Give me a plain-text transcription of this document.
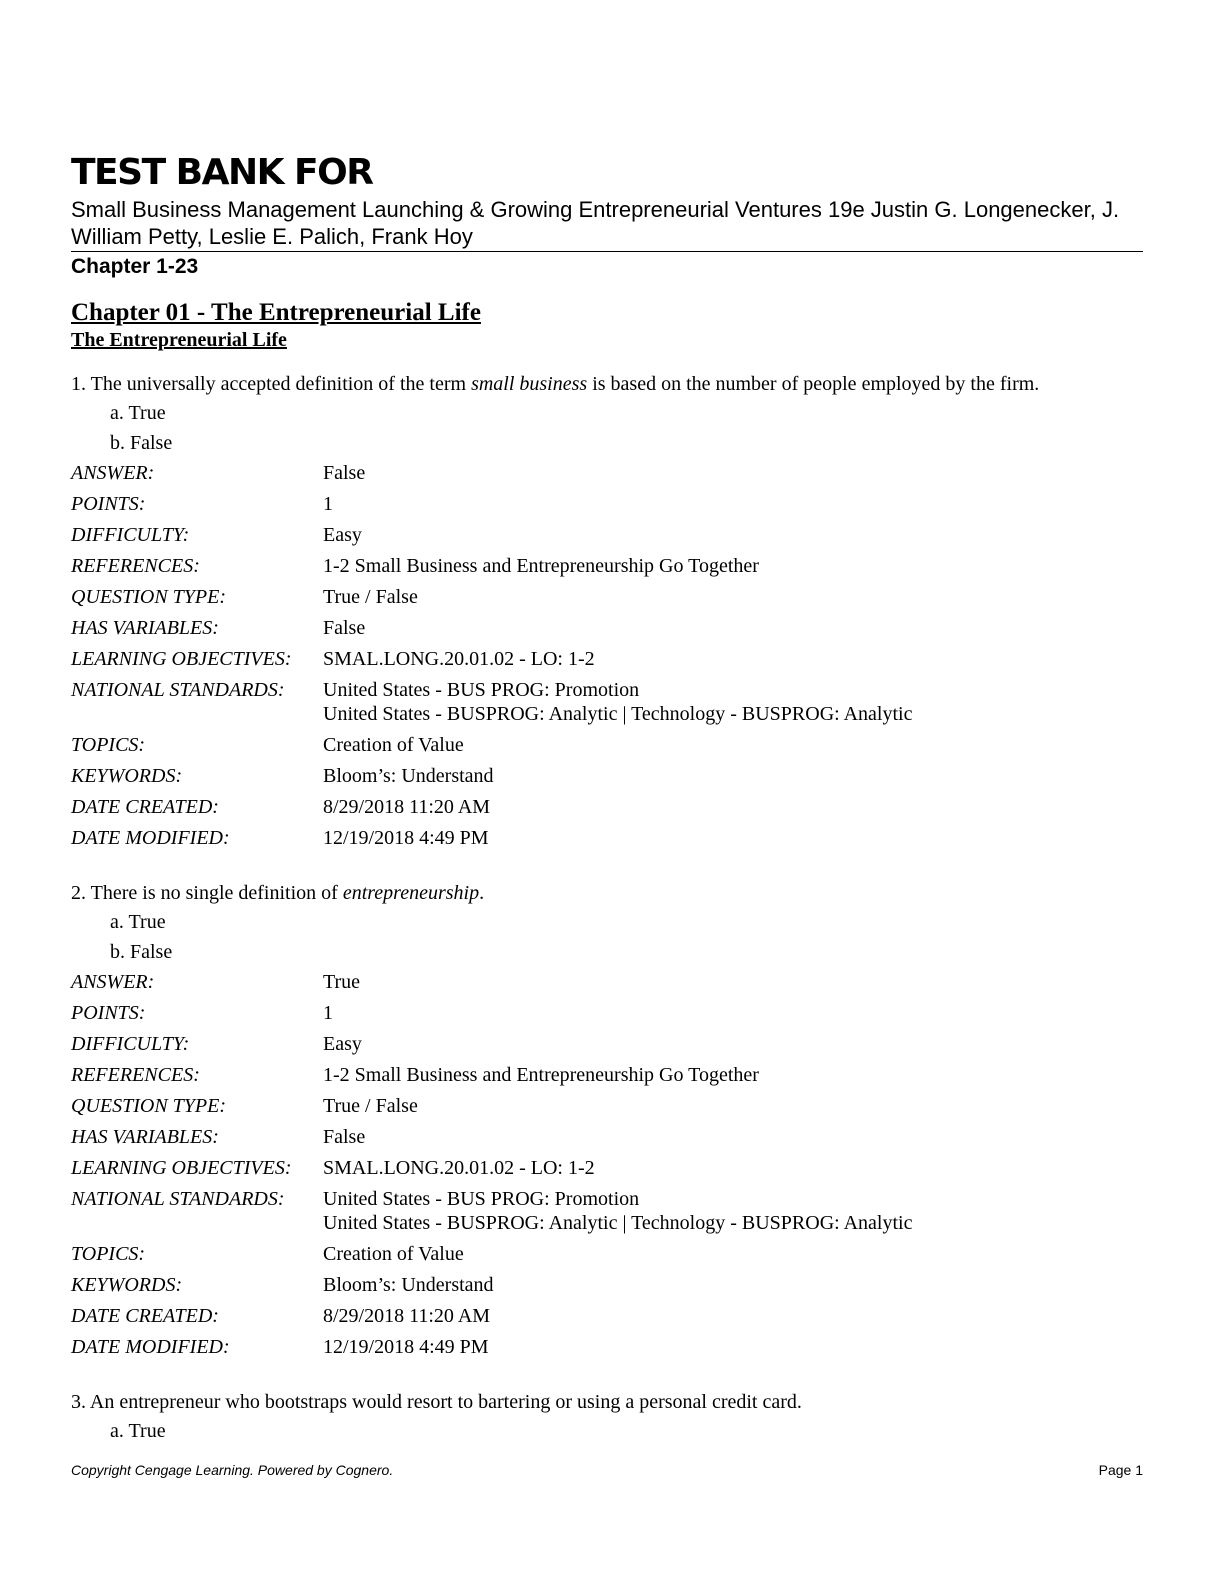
TEST BANK FOR
Small Business Management Launching & Growing Entrepreneurial Ventures 19e Justin G. Longenecker, J. William Petty, Leslie E. Palich, Frank Hoy
Chapter 1-23
Chapter 01 - The Entrepreneurial Life
The Entrepreneurial Life
1. The universally accepted definition of the term small business is based on the number of people employed by the firm.
a. True
b. False
ANSWER:	False
POINTS:	1
DIFFICULTY:	Easy
REFERENCES:	1-2 Small Business and Entrepreneurship Go Together
QUESTION TYPE:	True / False
HAS VARIABLES:	False
LEARNING OBJECTIVES:	SMAL.LONG.20.01.02 - LO: 1-2
NATIONAL STANDARDS:	United States - BUS PROG: Promotion
United States - BUSPROG: Analytic | Technology - BUSPROG: Analytic

TOPICS:	Creation of Value
KEYWORDS:	Bloom’s: Understand
DATE CREATED:	8/29/2018 11:20 AM
DATE MODIFIED:	12/19/2018 4:49 PM
2. There is no single definition of entrepreneurship.
a. True
b. False
ANSWER:	True
POINTS:	1
DIFFICULTY:	Easy
REFERENCES:	1-2 Small Business and Entrepreneurship Go Together
QUESTION TYPE:	True / False
HAS VARIABLES:	False
LEARNING OBJECTIVES:	SMAL.LONG.20.01.02 - LO: 1-2
NATIONAL STANDARDS:	United States - BUS PROG: Promotion
United States - BUSPROG: Analytic | Technology - BUSPROG: Analytic

TOPICS:	Creation of Value
KEYWORDS:	Bloom’s: Understand
DATE CREATED:	8/29/2018 11:20 AM
DATE MODIFIED:	12/19/2018 4:49 PM
3. An entrepreneur who bootstraps would resort to bartering or using a personal credit card.
a. True
Copyright Cengage Learning. Powered by Cognero.	Page 1
